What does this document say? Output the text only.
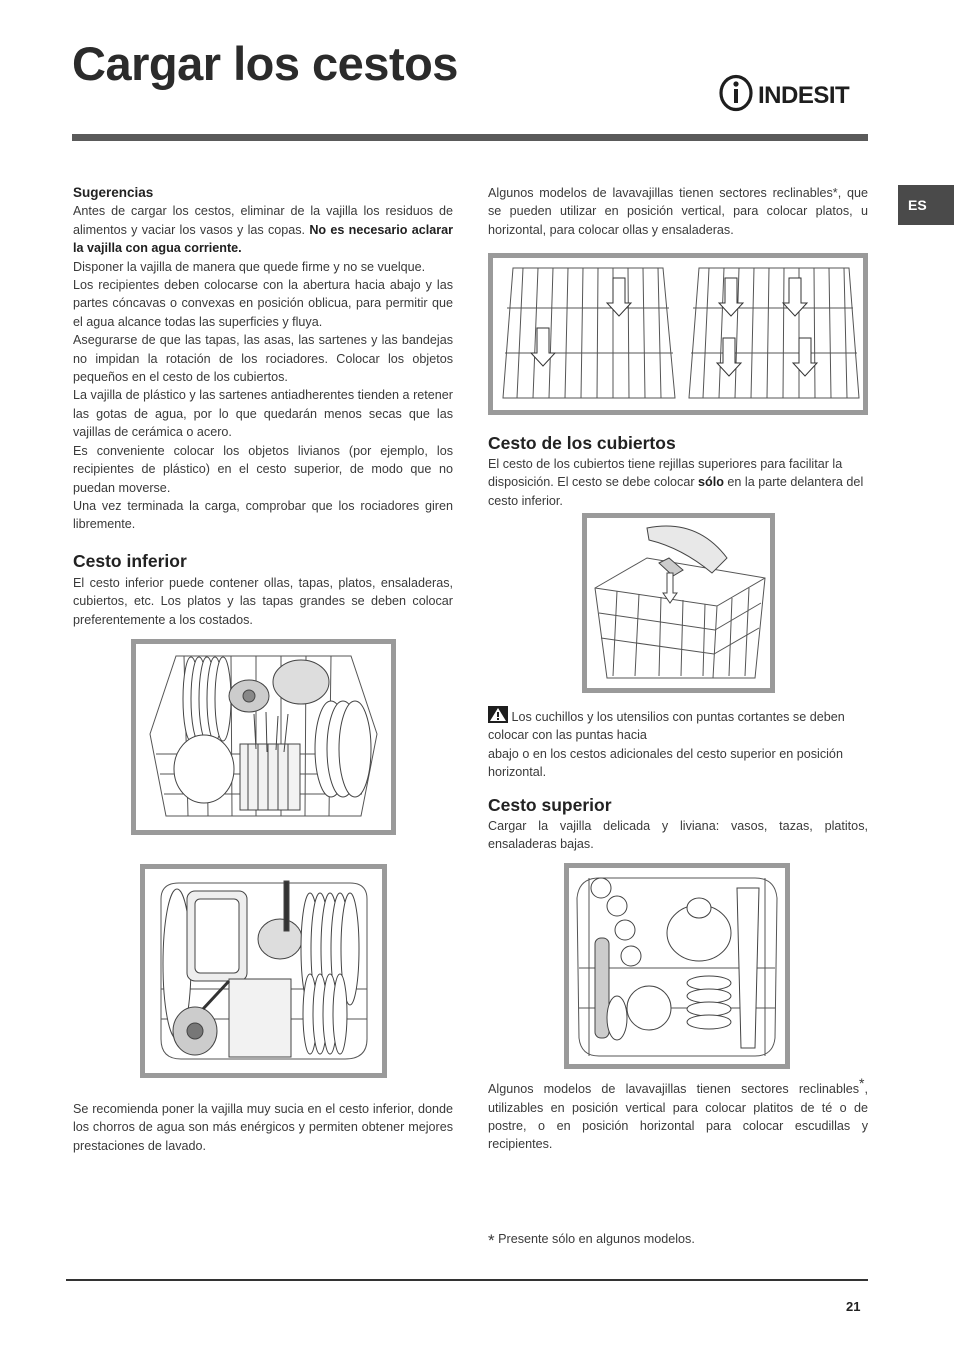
Cargar los cestos
INDESIT
ES
Sugerencias

Antes de cargar los cestos, eliminar de la vajilla los residuos de alimentos y vaciar los vasos y las copas. No es necesario aclarar la vajilla con agua corriente.

Disponer la vajilla de manera que quede firme y no se vuelque.

Los recipientes deben colocarse con la abertura hacia abajo y las partes cóncavas o convexas en posición oblicua, para permitir que el agua alcance todas las superficies y fluya.

Asegurarse de que las tapas, las asas, las sartenes y las bandejas no impidan la rotación de los rociadores. Colocar los objetos pequeños en el cesto de los cubiertos.

La vajilla de plástico y las sartenes antiadherentes tienden a retener las gotas de agua, por lo que quedarán menos secas que las vajillas de cerámica o acero.

Es conveniente colocar los objetos livianos (por ejemplo, los recipientes de plástico) en el cesto superior, de modo que no puedan moverse.

Una vez terminada la carga, comprobar que los rociadores giren libremente.

Cesto inferior
El cesto inferior puede contener ollas, tapas, platos, ensaladeras, cubiertos, etc. Los platos y las tapas grandes se deben colocar preferentemente a los costados.
Se recomienda poner la vajilla muy sucia en el cesto inferior, donde los chorros de agua son más enérgicos y permiten obtener mejores prestaciones de lavado.
Algunos modelos de lavavajillas tienen sectores reclinables*, que se pueden utilizar en posición vertical, para colocar platos, u horizontal, para colocar ollas y ensaladeras.
Cesto de los cubiertos
El cesto de los cubiertos tiene rejillas superiores para facilitar la disposición. El cesto se debe colocar sólo en la parte delantera del cesto inferior.
Los cuchillos y los utensilios con puntas cortantes se deben colocar con las puntas hacia
abajo o en los cestos adicionales del cesto superior en posición horizontal.
Cesto superior
Cargar la vajilla delicada y liviana: vasos, tazas, platitos, ensaladeras bajas.
Algunos modelos de lavavajillas tienen sectores reclinables*, utilizables en posición vertical para colocar platitos de té o de postre, o en posición horizontal para colocar escudillas y recipientes.
* Presente sólo en algunos modelos.
21
